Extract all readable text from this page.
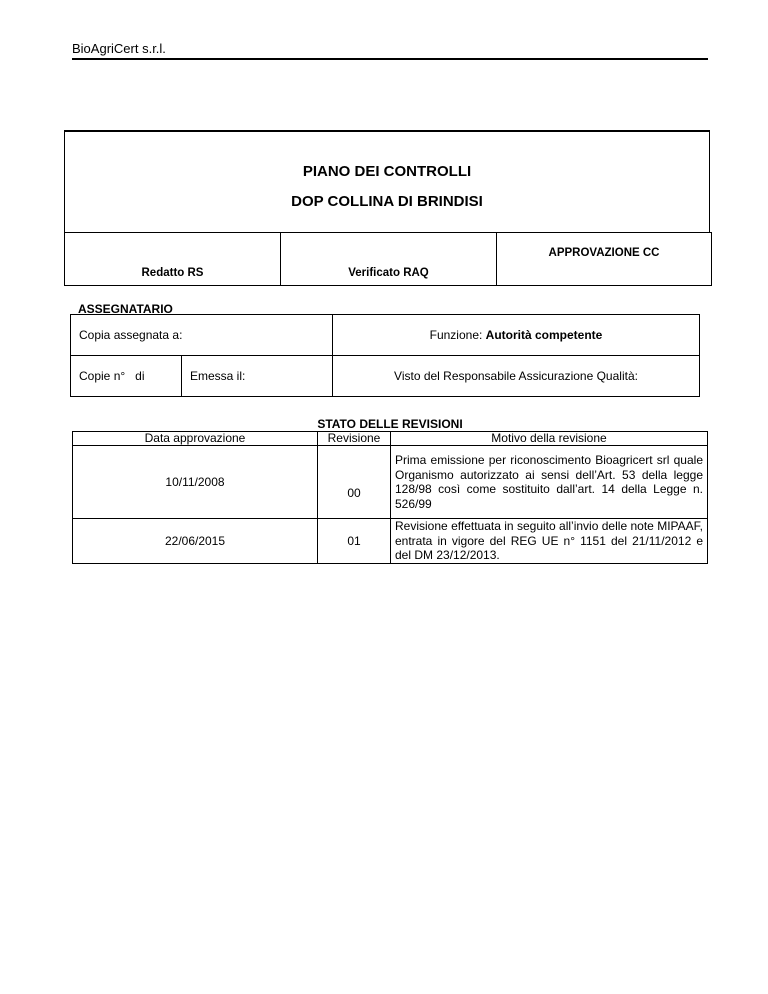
BioAgriCert s.r.l.
PIANO DEI CONTROLLI
DOP COLLINA DI BRINDISI
Redatto RS	Verificato RAQ	APPROVAZIONE CC
ASSEGNATARIO
Copia assegnata a:		Funzione: Autorità competente
Copie n°   di	Emessa il:	Visto del Responsabile Assicurazione Qualità:
STATO DELLE REVISIONI
Data approvazione	Revisione	Motivo della revisione
10/11/2008	00	Prima emissione per riconoscimento Bioagricert srl quale Organismo autorizzato ai sensi dell’Art. 53 della legge 128/98 così come sostituito dall’art. 14 della Legge n. 526/99
22/06/2015	01	Revisione effettuata in seguito all’invio delle note MIPAAF, entrata in vigore del REG UE n° 1151 del 21/11/2012 e del DM 23/12/2013.
